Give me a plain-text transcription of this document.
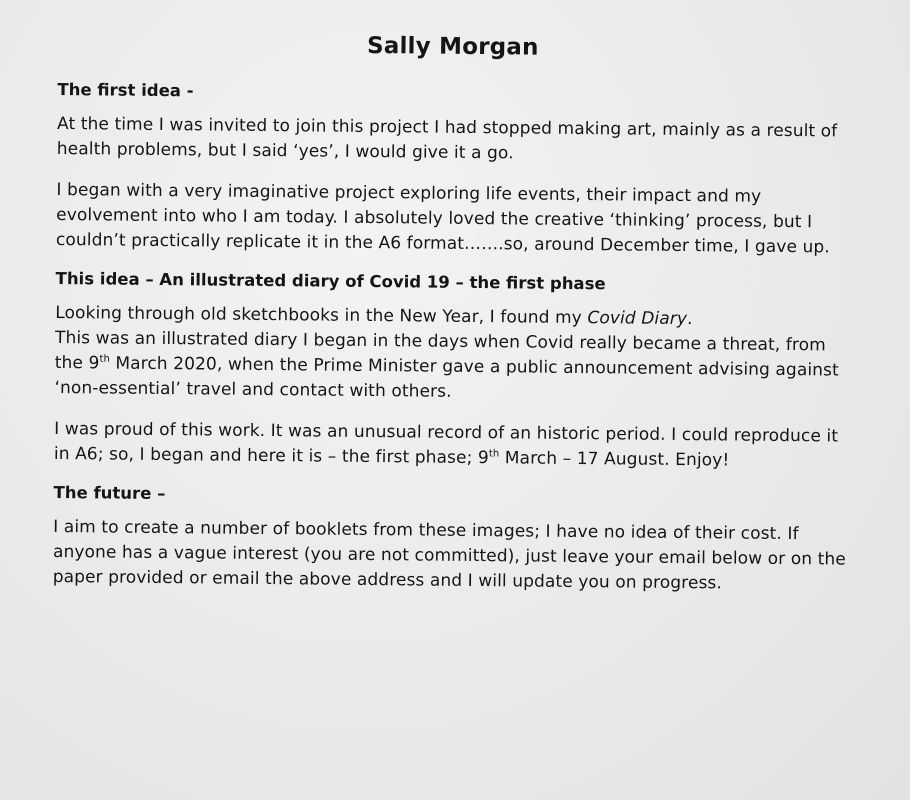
Sally Morgan
The first idea -

At the time I was invited to join this project I had stopped making art, mainly as a result of health problems, but I said ‘yes’, I would give it a go.

I began with a very imaginative project exploring life events, their impact and my evolvement into who I am today. I absolutely loved the creative ‘thinking’ process, but I couldn’t practically replicate it in the A6 format…….so, around December time, I gave up.

This idea – An illustrated diary of Covid 19 – the first phase

Looking through old sketchbooks in the New Year, I found my Covid Diary.
This was an illustrated diary I began in the days when Covid really became a threat, from the 9th March 2020, when the Prime Minister gave a public announcement advising against ‘non-essential’ travel and contact with others.

I was proud of this work. It was an unusual record of an historic period. I could reproduce it in A6; so, I began and here it is – the first phase; 9th March – 17 August. Enjoy!

The future –

I aim to create a number of booklets from these images; I have no idea of their cost. If anyone has a vague interest (you are not committed), just leave your email below or on the paper provided or email the above address and I will update you on progress.
